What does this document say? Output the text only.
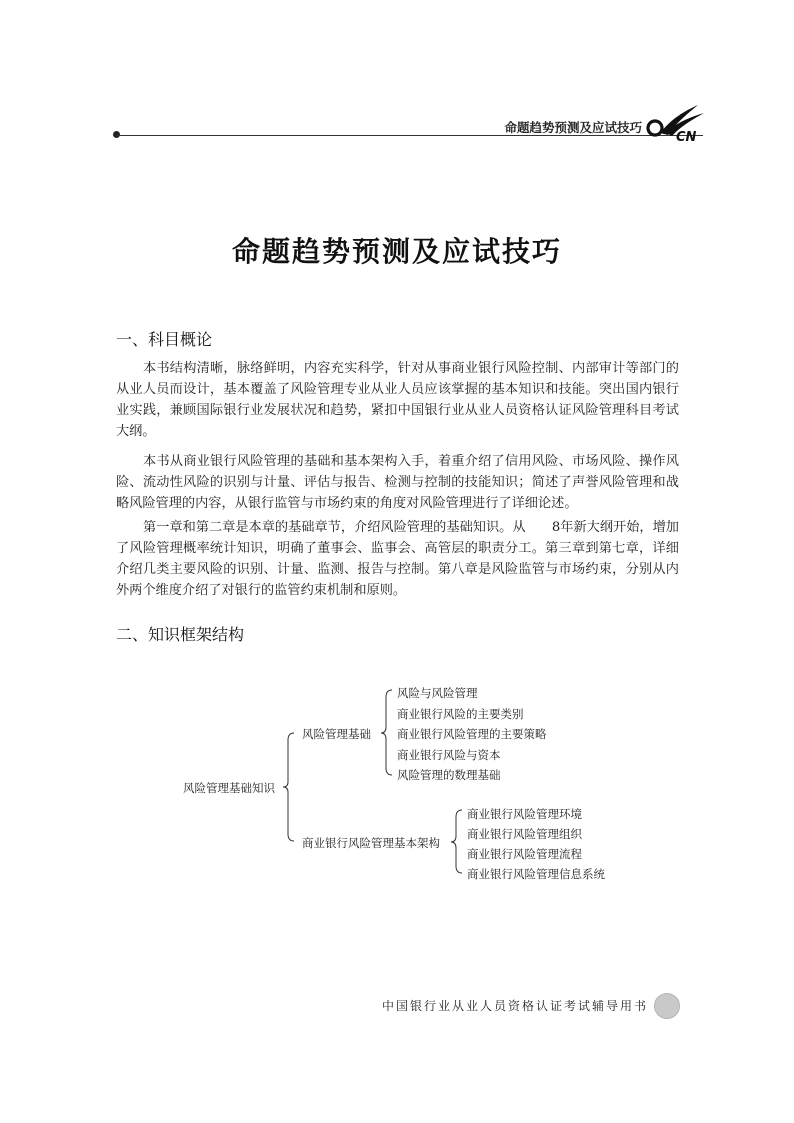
命题趋势预测及应试技巧
CN
命题趋势预测及应试技巧
一、科目概论

本书结构清晰，脉络鲜明，内容充实科学，针对从事商业银行风险控制、内部审计等部门的从业人员而设计，基本覆盖了风险管理专业从业人员应该掌握的基本知识和技能。突出国内银行业实践，兼顾国际银行业发展状况和趋势，紧扣中国银行业从业人员资格认证风险管理科目考试大纲。

本书从商业银行风险管理的基础和基本架构入手，着重介绍了信用风险、市场风险、操作风险、流动性风险的识别与计量、评估与报告、检测与控制的技能知识；简述了声誉风险管理和战略风险管理的内容，从银行监管与市场约束的角度对风险管理进行了详细论述。

第一章和第二章是本章的基础章节，介绍风险管理的基础知识。从　　8年新大纲开始，增加了风险管理概率统计知识，明确了董事会、监事会、高管层的职责分工。第三章到第七章，详细介绍几类主要风险的识别、计量、监测、报告与控制。第八章是风险监管与市场约束，分别从内外两个维度介绍了对银行的监管约束机制和原则。

二、知识框架结构
风险管理基础知识
风险管理基础
风险与风险管理
商业银行风险的主要类别
商业银行风险管理的主要策略
商业银行风险与资本
风险管理的数理基础
商业银行风险管理基本架构
商业银行风险管理环境
商业银行风险管理组织
商业银行风险管理流程
商业银行风险管理信息系统
中国银行业从业人员资格认证考试辅导用书
